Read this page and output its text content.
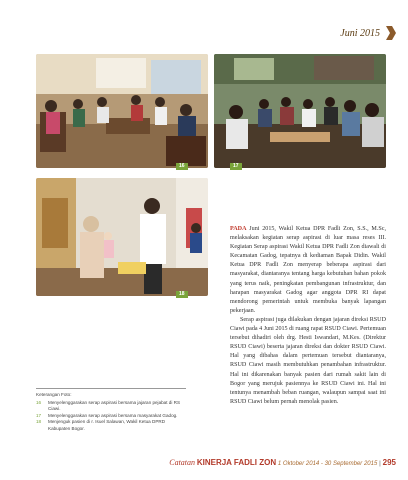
Juni 2015
16	17
18

PADA Juni 2015, Wakil Ketua DPR Fadli Zon, S.S., M.Sc, melaksakan kegiatan serap aspirasi di luar masa reses III. Kegiatan Serap aspirasi Wakil Ketua DPR Fadli Zon diawali di Kecamatan Gadog, tepatnya di kediaman Bapak Didin. Wakil Ketua DPR Fadli Zon menyerap beberapa aspirasi dari masyarakat, diantaranya tentang harga kebutuhan bahan pokok yang terus naik, peningkatan pembangunan infrastruktur, dan harapan masyarakat Gadog agar anggota DPR RI dapat mendorong pemerintah untuk membuka banyak lapangan pekerjaan.

Serap aspirasi juga dilakukan dengan jajaran direksi RSUD Ciawi pada 4 Juni 2015 di ruang rapat RSUD Ciawi. Pertemuan tersebut dihadiri oleh drg. Hesti Iswandari, M.Kes. (Direktur RSUD Ciawi) beserta jajaran direksi dan dokter RSUD Ciawi. Hal yang dibahas dalam pertemuan tersebut diantaranya, RSUD Ciawi masih membutuhkan penambahan infrastruktur. Hal ini dikarenakan banyak pasien dari rumah sakit lain di Bogor yang merujuk pasiennya ke RSUD Ciawi ini. Hal ini tentunya menambah beban ruangan, walaupun sampai saat ini RSUD Ciawi belum pernah menolak pasien.

Keterangan Foto:
16	Menyelenggarakan serap aspirasi bersama jajaran pejabat di RS Ciawi.
17	Menyelenggarakan serap aspirasi bersama masyarakat Gadog.
18	Menjenguk pasien di r. Isuel Salawan, Wakil Ketua DPRD Kabupaten Bogor.
Catatan KINERJA FADLI ZON 1 Oktober 2014 - 30 September 2015 | 295
